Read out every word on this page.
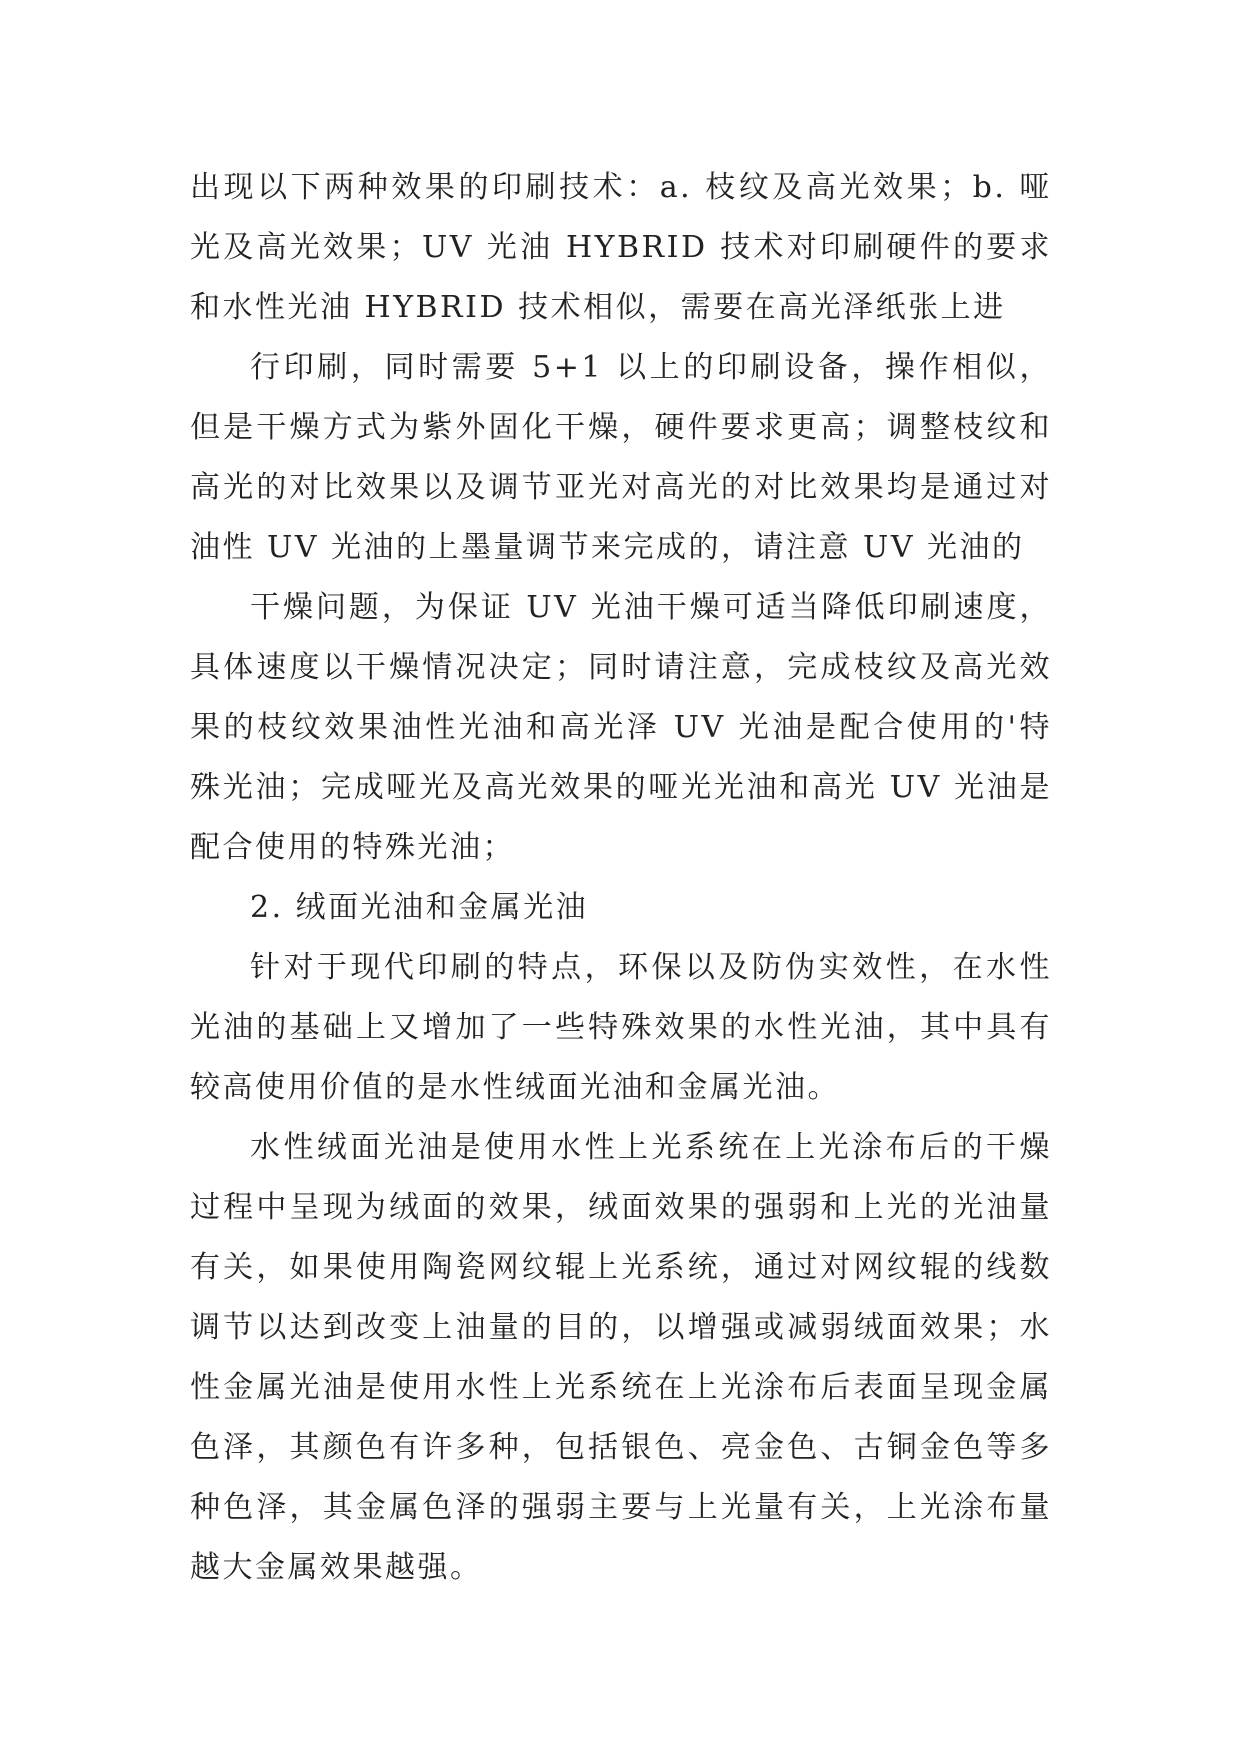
出现以下两种效果的印刷技术：a. 枝纹及高光效果；b. 哑光及高光效果；UV 光油 HYBRID 技术对印刷硬件的要求和水性光油 HYBRID 技术相似，需要在高光泽纸张上进

行印刷，同时需要 5+1 以上的印刷设备，操作相似，但是干燥方式为紫外固化干燥，硬件要求更高；调整枝纹和高光的对比效果以及调节亚光对高光的对比效果均是通过对油性 UV 光油的上墨量调节来完成的，请注意 UV 光油的

干燥问题，为保证 UV 光油干燥可适当降低印刷速度，具体速度以干燥情况决定；同时请注意，完成枝纹及高光效果的枝纹效果油性光油和高光泽 UV 光油是配合使用的'特殊光油；完成哑光及高光效果的哑光光油和高光 UV 光油是配合使用的特殊光油；

2. 绒面光油和金属光油

针对于现代印刷的特点，环保以及防伪实效性，在水性光油的基础上又增加了一些特殊效果的水性光油，其中具有较高使用价值的是水性绒面光油和金属光油。

水性绒面光油是使用水性上光系统在上光涂布后的干燥过程中呈现为绒面的效果，绒面效果的强弱和上光的光油量有关，如果使用陶瓷网纹辊上光系统，通过对网纹辊的线数调节以达到改变上油量的目的，以增强或减弱绒面效果；水性金属光油是使用水性上光系统在上光涂布后表面呈现金属色泽，其颜色有许多种，包括银色、亮金色、古铜金色等多种色泽，其金属色泽的强弱主要与上光量有关，上光涂布量越大金属效果越强。
